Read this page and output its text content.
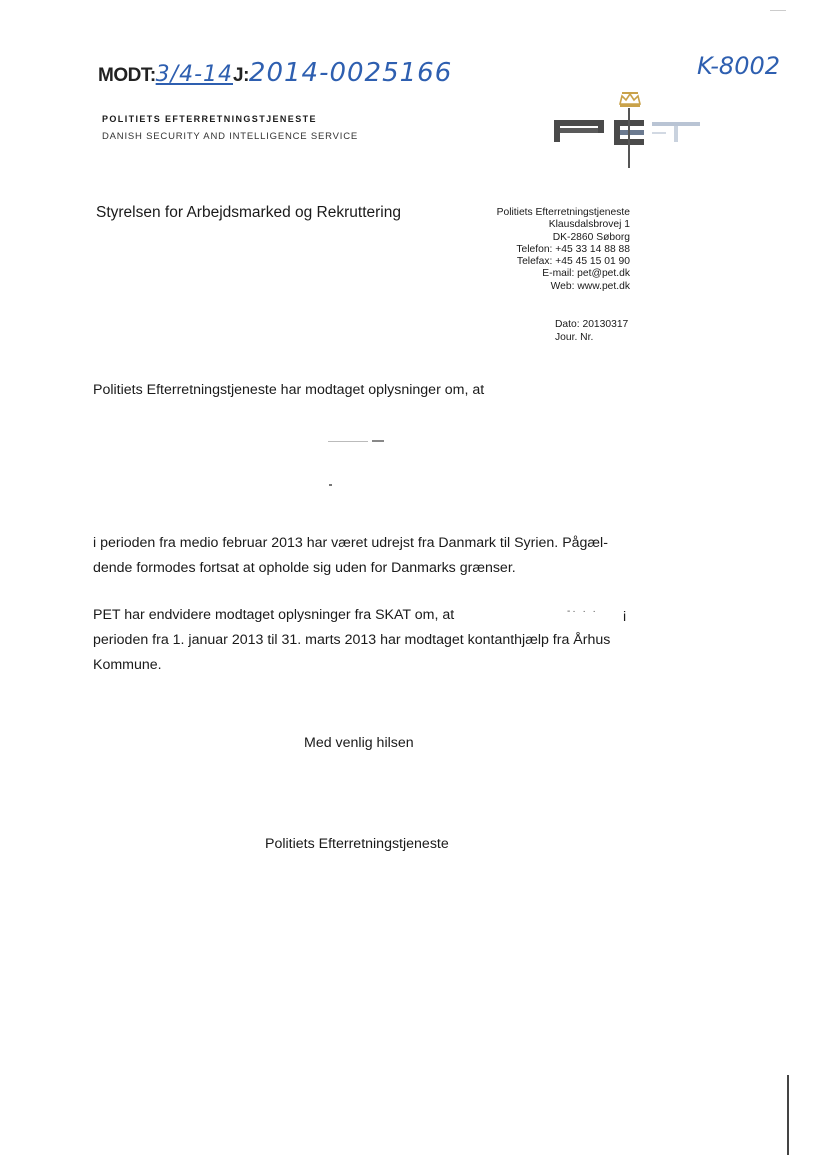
MODT: 3/4-14 J: 2014-0025166	K-8002
POLITIETS EFTERRETNINGSTJENESTE
DANISH SECURITY AND INTELLIGENCE SERVICE
Styrelsen for Arbejdsmarked og Rekruttering	Politiets Efterretningstjeneste
Klausdalsbrovej 1
DK-2860 Søborg
Telefon: +45 33 14 88 88
Telefax: +45 45 15 01 90
E-mail: pet@pet.dk
Web: www.pet.dk
Dato: 20130317
Jour. Nr.
Politiets Efterretningstjeneste har modtaget oplysninger om, at
i perioden fra medio februar 2013 har været udrejst fra Danmark til Syrien. Pågæl-
dende formodes fortsat at opholde sig uden for Danmarks grænser.
PET har endvidere modtaget oplysninger fra SKAT om, at	-· · · i
perioden fra 1. januar 2013 til 31. marts 2013 har modtaget kontanthjælp fra Århus
Kommune.
Med venlig hilsen
Politiets Efterretningstjeneste
